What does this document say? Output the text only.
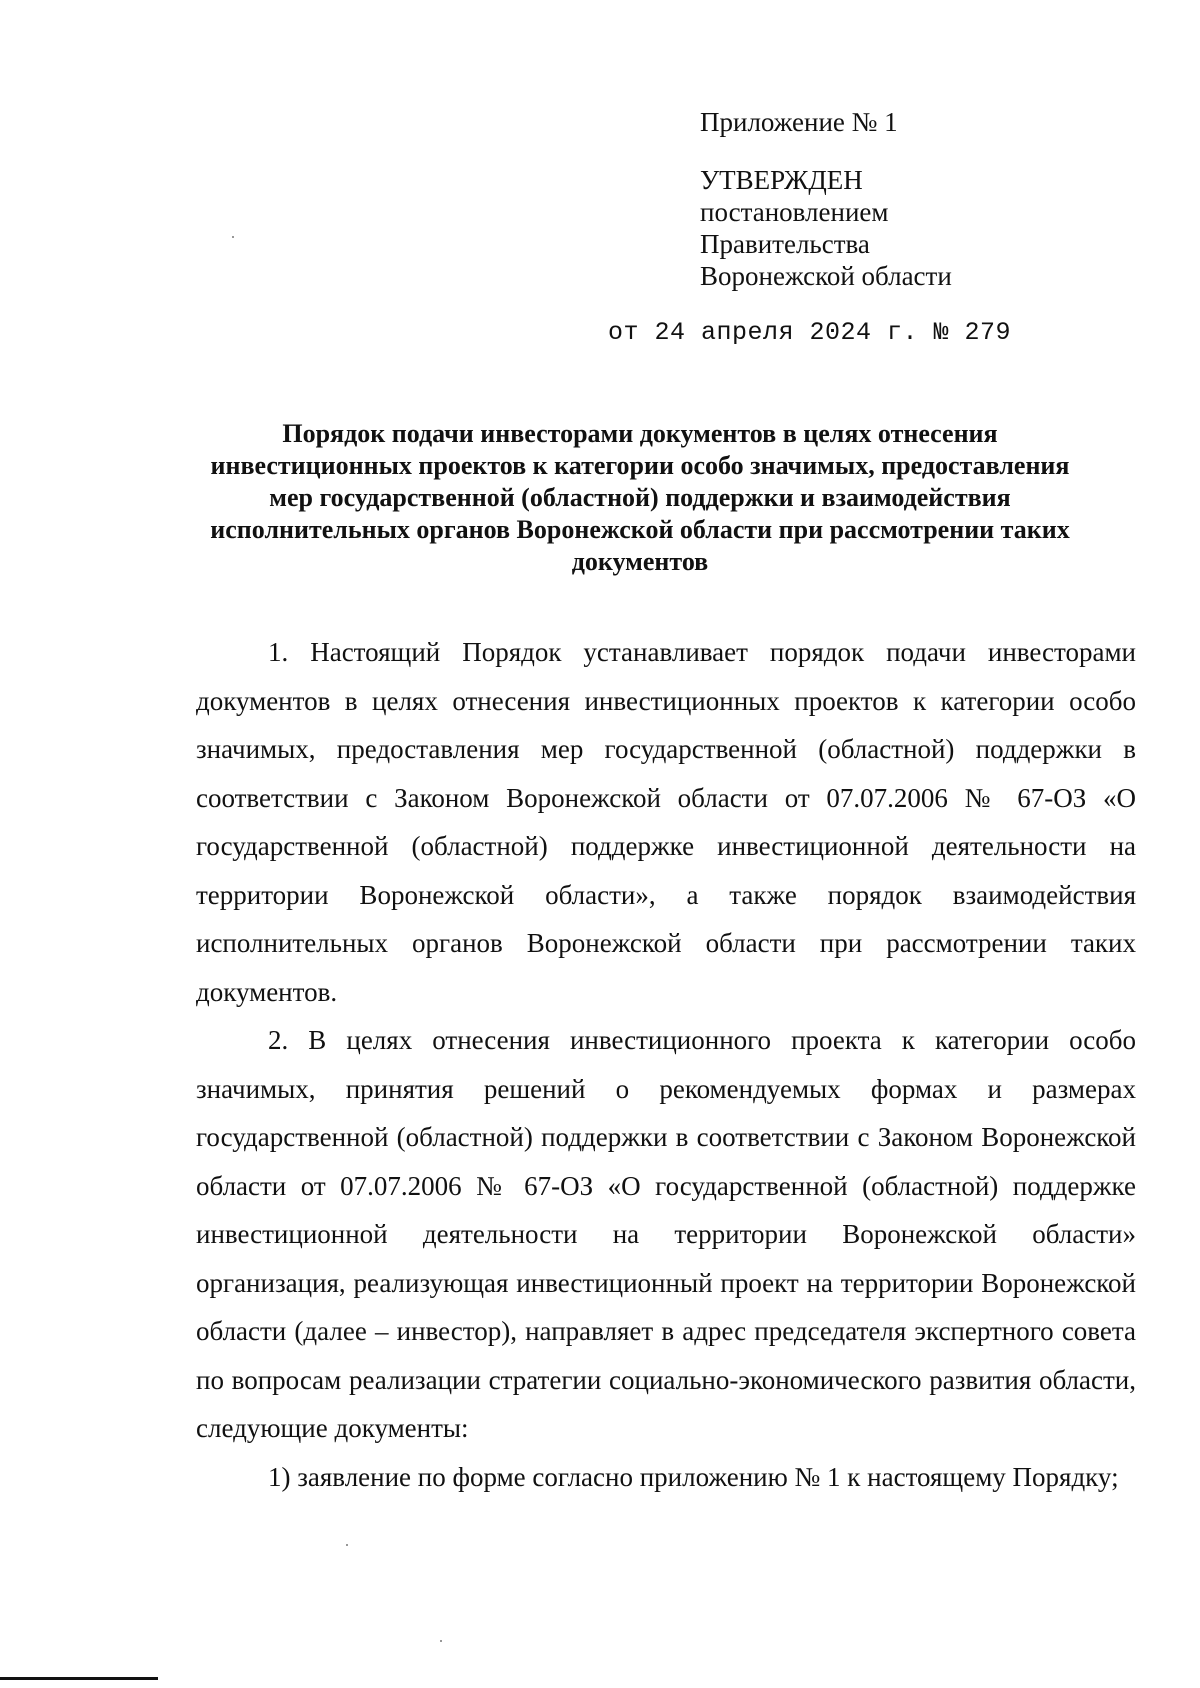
Приложение № 1
УТВЕРЖДЕН
постановлением
Правительства
Воронежской области
от 24 апреля 2024 г. № 279
Порядок подачи инвесторами документов в целях отнесения инвестиционных проектов к категории особо значимых, предоставления мер государственной (областной) поддержки и взаимодействия исполнительных органов Воронежской области при рассмотрении таких документов

1. Настоящий Порядок устанавливает порядок подачи инвесторами документов в целях отнесения инвестиционных проектов к категории особо значимых, предоставления мер государственной (областной) поддержки в соответствии с Законом Воронежской области от 07.07.2006 № 67-ОЗ «О государственной (областной) поддержке инвестиционной деятельности на территории Воронежской области», а также порядок взаимодействия исполнительных органов Воронежской области при рассмотрении таких документов.

2. В целях отнесения инвестиционного проекта к категории особо значимых, принятия решений о рекомендуемых формах и размерах государственной (областной) поддержки в соответствии с Законом Воронежской области от 07.07.2006 № 67-ОЗ «О государственной (областной) поддержке инвестиционной деятельности на территории Воронежской области» организация, реализующая инвестиционный проект на территории Воронежской области (далее – инвестор), направляет в адрес председателя экспертного совета по вопросам реализации стратегии социально-экономического развития области, следующие документы:

1) заявление по форме согласно приложению № 1 к настоящему Порядку;
